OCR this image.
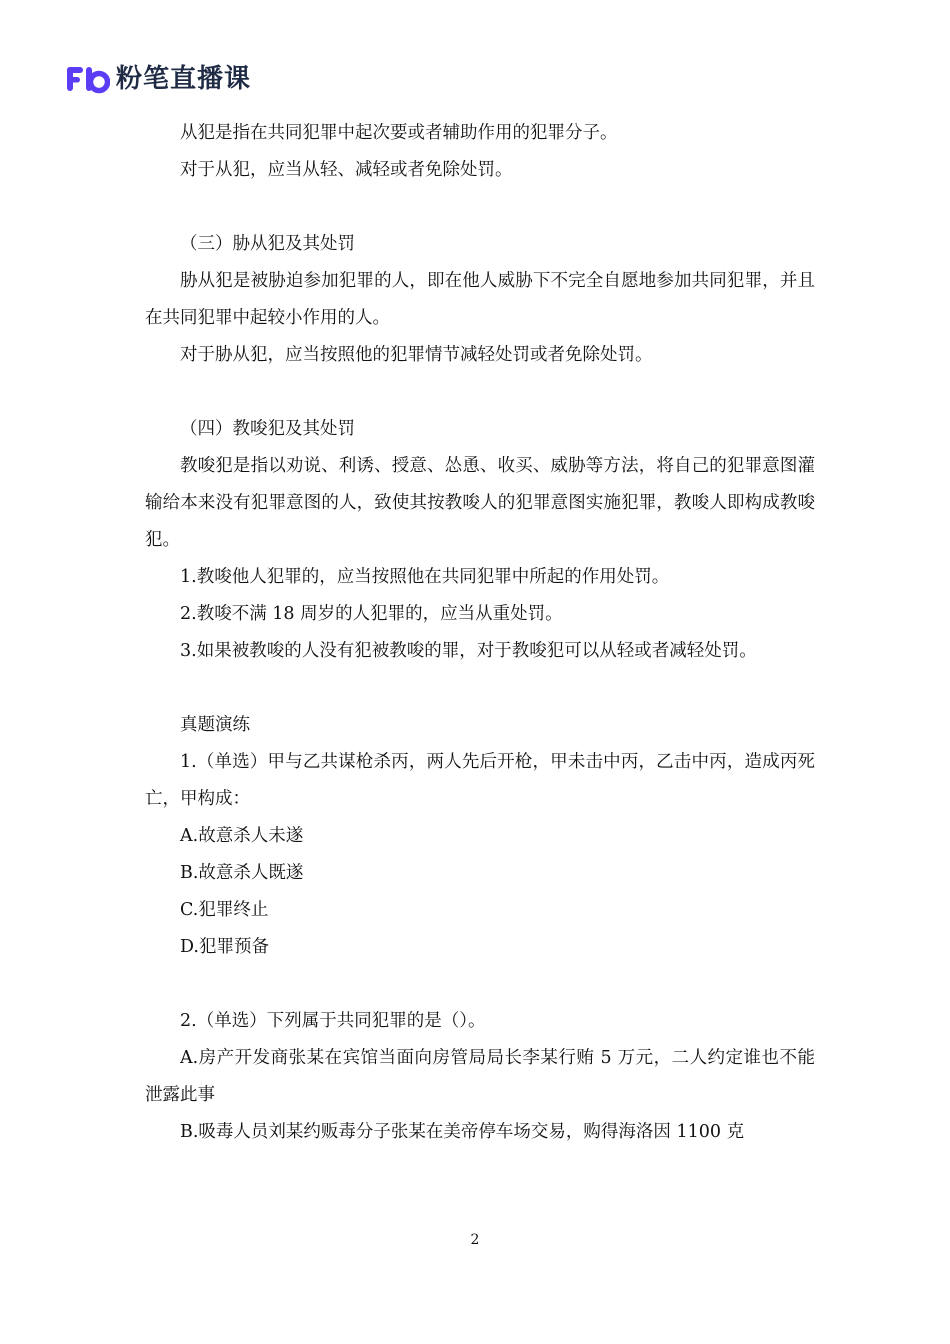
粉笔直播课

从犯是指在共同犯罪中起次要或者辅助作用的犯罪分子。

对于从犯，应当从轻、减轻或者免除处罚。

（三）胁从犯及其处罚

胁从犯是被胁迫参加犯罪的人，即在他人威胁下不完全自愿地参加共同犯罪，并且在共同犯罪中起较小作用的人。

对于胁从犯，应当按照他的犯罪情节减轻处罚或者免除处罚。

（四）教唆犯及其处罚

教唆犯是指以劝说、利诱、授意、怂恿、收买、威胁等方法，将自己的犯罪意图灌输给本来没有犯罪意图的人，致使其按教唆人的犯罪意图实施犯罪，教唆人即构成教唆犯。

1.教唆他人犯罪的，应当按照他在共同犯罪中所起的作用处罚。

2.教唆不满 18 周岁的人犯罪的，应当从重处罚。

3.如果被教唆的人没有犯被教唆的罪，对于教唆犯可以从轻或者减轻处罚。

真题演练

1.（单选）甲与乙共谋枪杀丙，两人先后开枪，甲未击中丙，乙击中丙，造成丙死亡，甲构成：

A.故意杀人未遂

B.故意杀人既遂

C.犯罪终止

D.犯罪预备

2.（单选）下列属于共同犯罪的是（）。

A.房产开发商张某在宾馆当面向房管局局长李某行贿 5 万元，二人约定谁也不能泄露此事

B.吸毒人员刘某约贩毒分子张某在美帝停车场交易，购得海洛因 1100 克

2
